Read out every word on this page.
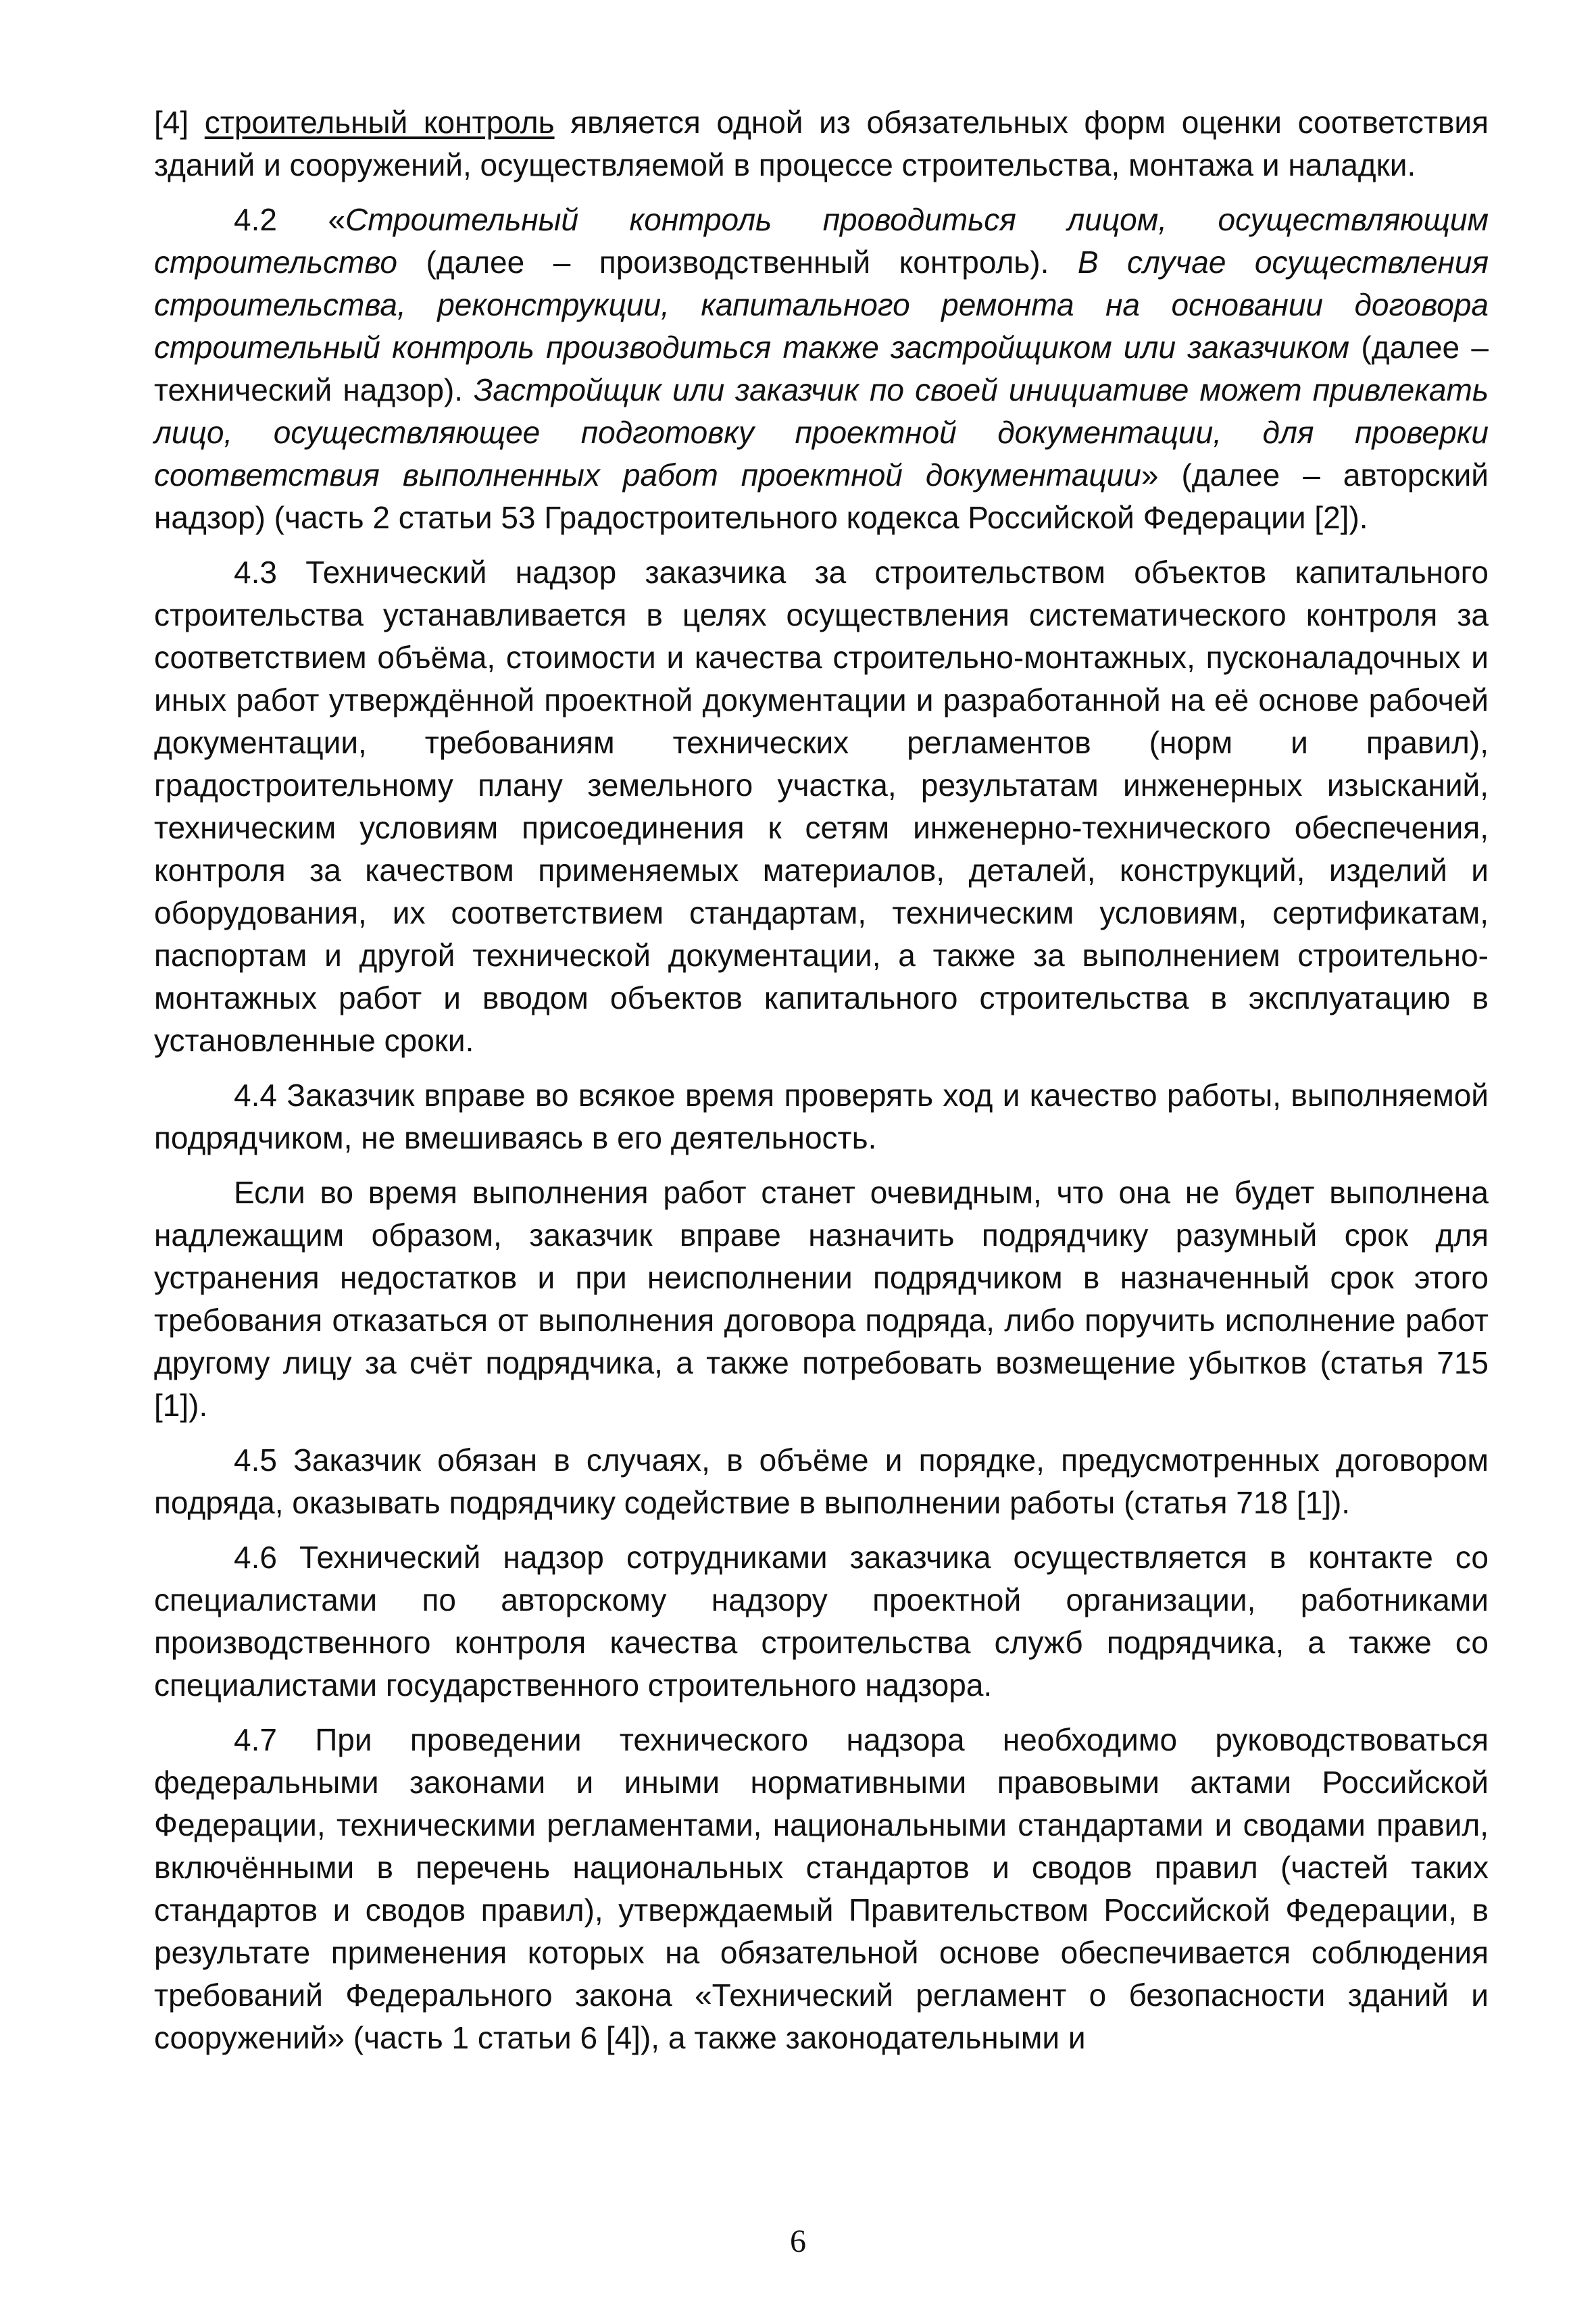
[4] строительный контроль является одной из обязательных форм оценки соответствия зданий и сооружений, осуществляемой в процессе строительства, монтажа и наладки.

4.2 «Строительный контроль проводиться лицом, осуществляющим строительство (далее – производственный контроль). В случае осуществления строительства, реконструкции, капитального ремонта на основании договора строительный контроль производиться также застройщиком или заказчиком (далее – технический надзор). Застройщик или заказчик по своей инициативе может привлекать лицо, осуществляющее подготовку проектной документации, для проверки соответствия выполненных работ проектной документации» (далее – авторский надзор) (часть 2 статьи 53 Градостроительного кодекса Российской Федерации [2]).

4.3 Технический надзор заказчика за строительством объектов капитального строительства устанавливается в целях осуществления систематического контроля за соответствием объёма, стоимости и качества строительно-монтажных, пусконаладочных и иных работ утверждённой проектной документации и разработанной на её основе рабочей документации, требованиям технических регламентов (норм и правил), градостроительному плану земельного участка, результатам инженерных изысканий, техническим условиям присоединения к сетям инженерно-технического обеспечения, контроля за качеством применяемых материалов, деталей, конструкций, изделий и оборудования, их соответствием стандартам, техническим условиям, сертификатам, паспортам и другой технической документации, а также за выполнением строительно-монтажных работ и вводом объектов капитального строительства в эксплуатацию в установленные сроки.

4.4 Заказчик вправе во всякое время проверять ход и качество работы, выполняемой подрядчиком, не вмешиваясь в его деятельность.

Если во время выполнения работ станет очевидным, что она не будет выполнена надлежащим образом, заказчик вправе назначить подрядчику разумный срок для устранения недостатков и при неисполнении подрядчиком в назначенный срок этого требования отказаться от выполнения договора подряда, либо поручить исполнение работ другому лицу за счёт подрядчика, а также потребовать возмещение убытков (статья 715 [1]).

4.5 Заказчик обязан в случаях, в объёме и порядке, предусмотренных договором подряда, оказывать подрядчику содействие в выполнении работы (статья 718 [1]).

4.6 Технический надзор сотрудниками заказчика осуществляется в контакте со специалистами по авторскому надзору проектной организации, работниками производственного контроля качества строительства служб подрядчика, а также со специалистами государственного строительного надзора.

4.7 При проведении технического надзора необходимо руководствоваться федеральными законами и иными нормативными правовыми актами Российской Федерации, техническими регламентами, национальными стандартами и сводами правил, включёнными в перечень национальных стандартов и сводов правил (частей таких стандартов и сводов правил), утверждаемый Правительством Российской Федерации, в результате применения которых на обязательной основе обеспечивается соблюдения требований Федерального закона «Технический регламент о безопасности зданий и сооружений» (часть 1 статьи 6 [4]), а также законодательными и

6
